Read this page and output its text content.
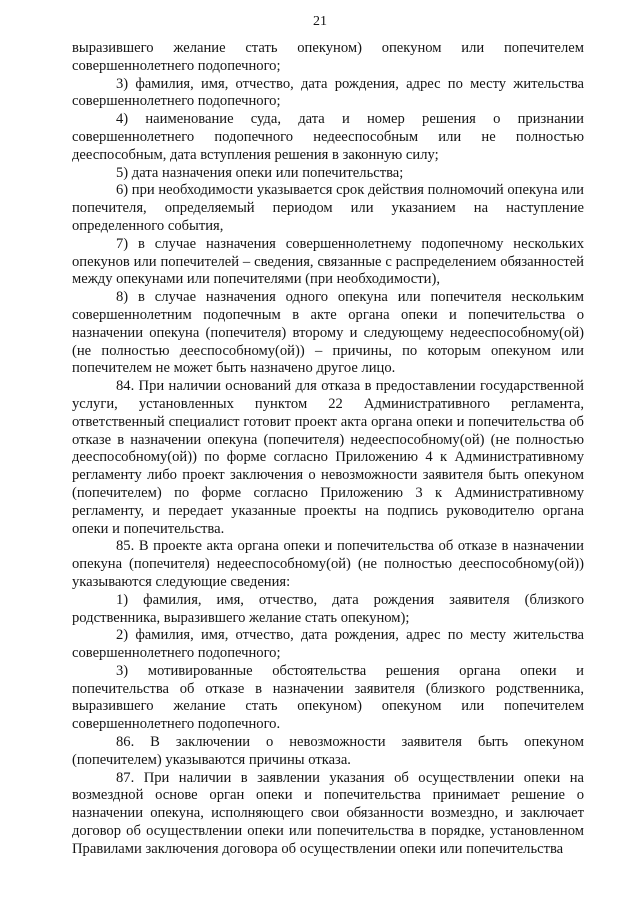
21

выразившего желание стать опекуном) опекуном или попечителем совершеннолетнего подопечного;

3) фамилия, имя, отчество, дата рождения, адрес по месту жительства совершеннолетнего подопечного;

4) наименование суда, дата и номер решения о признании совершеннолетнего подопечного недееспособным или не полностью дееспособным, дата вступления решения в законную силу;

5) дата назначения опеки или попечительства;

6) при необходимости указывается срок действия полномочий опекуна или попечителя, определяемый периодом или указанием на наступление определенного события,

7) в случае назначения совершеннолетнему подопечному нескольких опекунов или попечителей – сведения, связанные с распределением обязанностей между опекунами или попечителями (при необходимости),

8) в случае назначения одного опекуна или попечителя нескольким совершеннолетним подопечным в акте органа опеки и попечительства о назначении опекуна (попечителя) второму и следующему недееспособному(ой) (не полностью дееспособному(ой)) – причины, по которым опекуном или попечителем не может быть назначено другое лицо.

84. При наличии оснований для отказа в предоставлении государственной услуги, установленных пунктом 22 Административного регламента, ответственный специалист готовит проект акта органа опеки и попечительства об отказе в назначении опекуна (попечителя) недееспособному(ой) (не полностью дееспособному(ой)) по форме согласно Приложению 4 к Административному регламенту либо проект заключения о невозможности заявителя быть опекуном (попечителем) по форме согласно Приложению 3 к Административному регламенту, и передает указанные проекты на подпись руководителю органа опеки и попечительства.

85. В проекте акта органа опеки и попечительства об отказе в назначении опекуна (попечителя) недееспособному(ой) (не полностью дееспособному(ой)) указываются следующие сведения:

1) фамилия, имя, отчество, дата рождения заявителя (близкого родственника, выразившего желание стать опекуном);

2) фамилия, имя, отчество, дата рождения, адрес по месту жительства совершеннолетнего подопечного;

3) мотивированные обстоятельства решения органа опеки и попечительства об отказе в назначении заявителя (близкого родственника, выразившего желание стать опекуном) опекуном или попечителем совершеннолетнего подопечного.

86. В заключении о невозможности заявителя быть опекуном (попечителем) указываются причины отказа.

87. При наличии в заявлении указания об осуществлении опеки на возмездной основе орган опеки и попечительства принимает решение о назначении опекуна, исполняющего свои обязанности возмездно, и заключает договор об осуществлении опеки или попечительства в порядке, установленном Правилами заключения договора об осуществлении опеки или попечительства
